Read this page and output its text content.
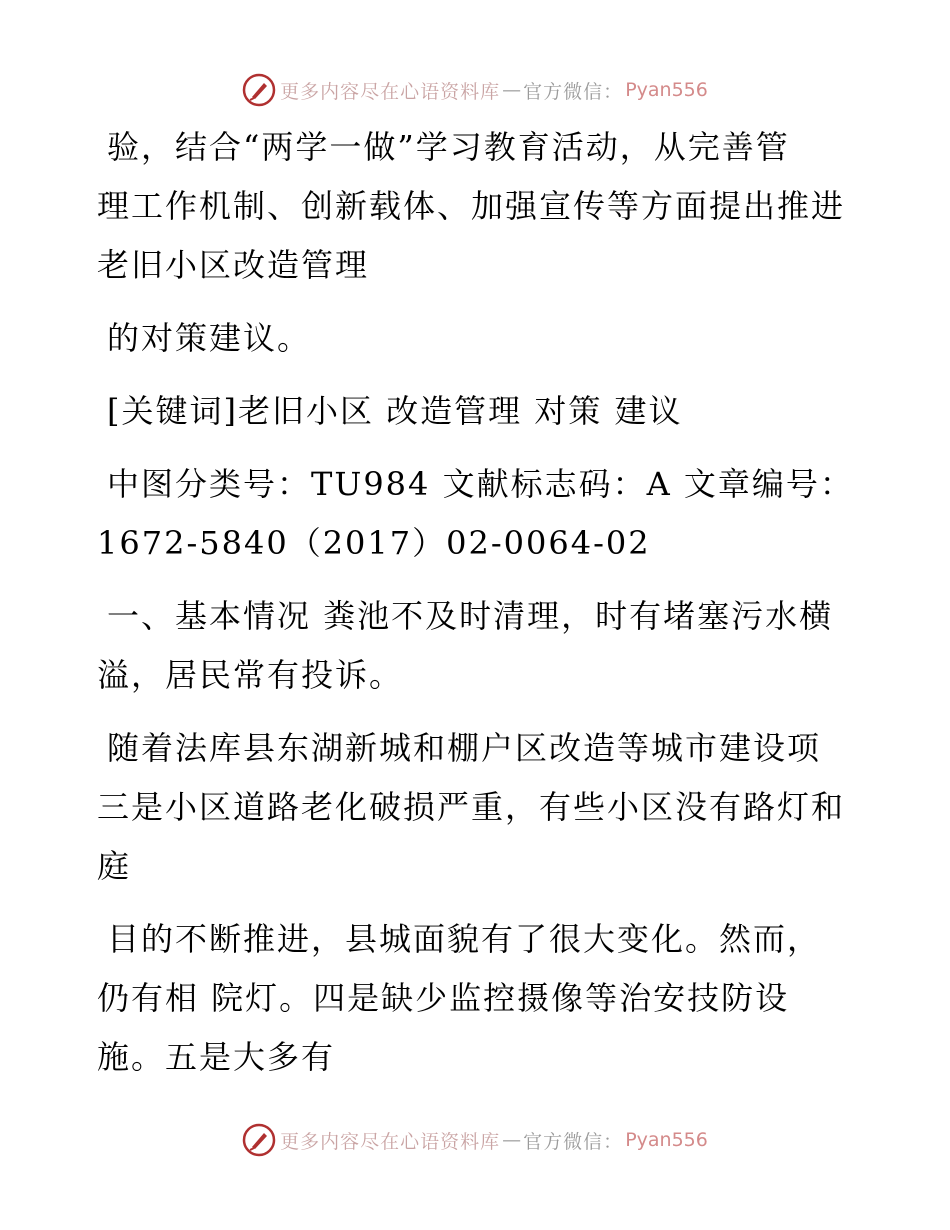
更多内容尽在心语资料库 — 官方微信： Pyan556
验，结合“两学一做”学习教育活动，从完善管
理工作机制、创新载体、加强宣传等方面提出推进
老旧小区改造管理
的对策建议。
[关键词]老旧小区 改造管理 对策 建议
中图分类号：TU984 文献标志码：A 文章编号：
1672-5840（2017）02-0064-02
一、基本情况 粪池不及时清理，时有堵塞污水横
溢，居民常有投诉。
随着法库县东湖新城和棚户区改造等城市建设项
三是小区道路老化破损严重，有些小区没有路灯和
庭
目的不断推进，县城面貌有了很大变化。然而，
仍有相 院灯。四是缺少监控摄像等治安技防设
施。五是大多有
更多内容尽在心语资料库 — 官方微信： Pyan556
